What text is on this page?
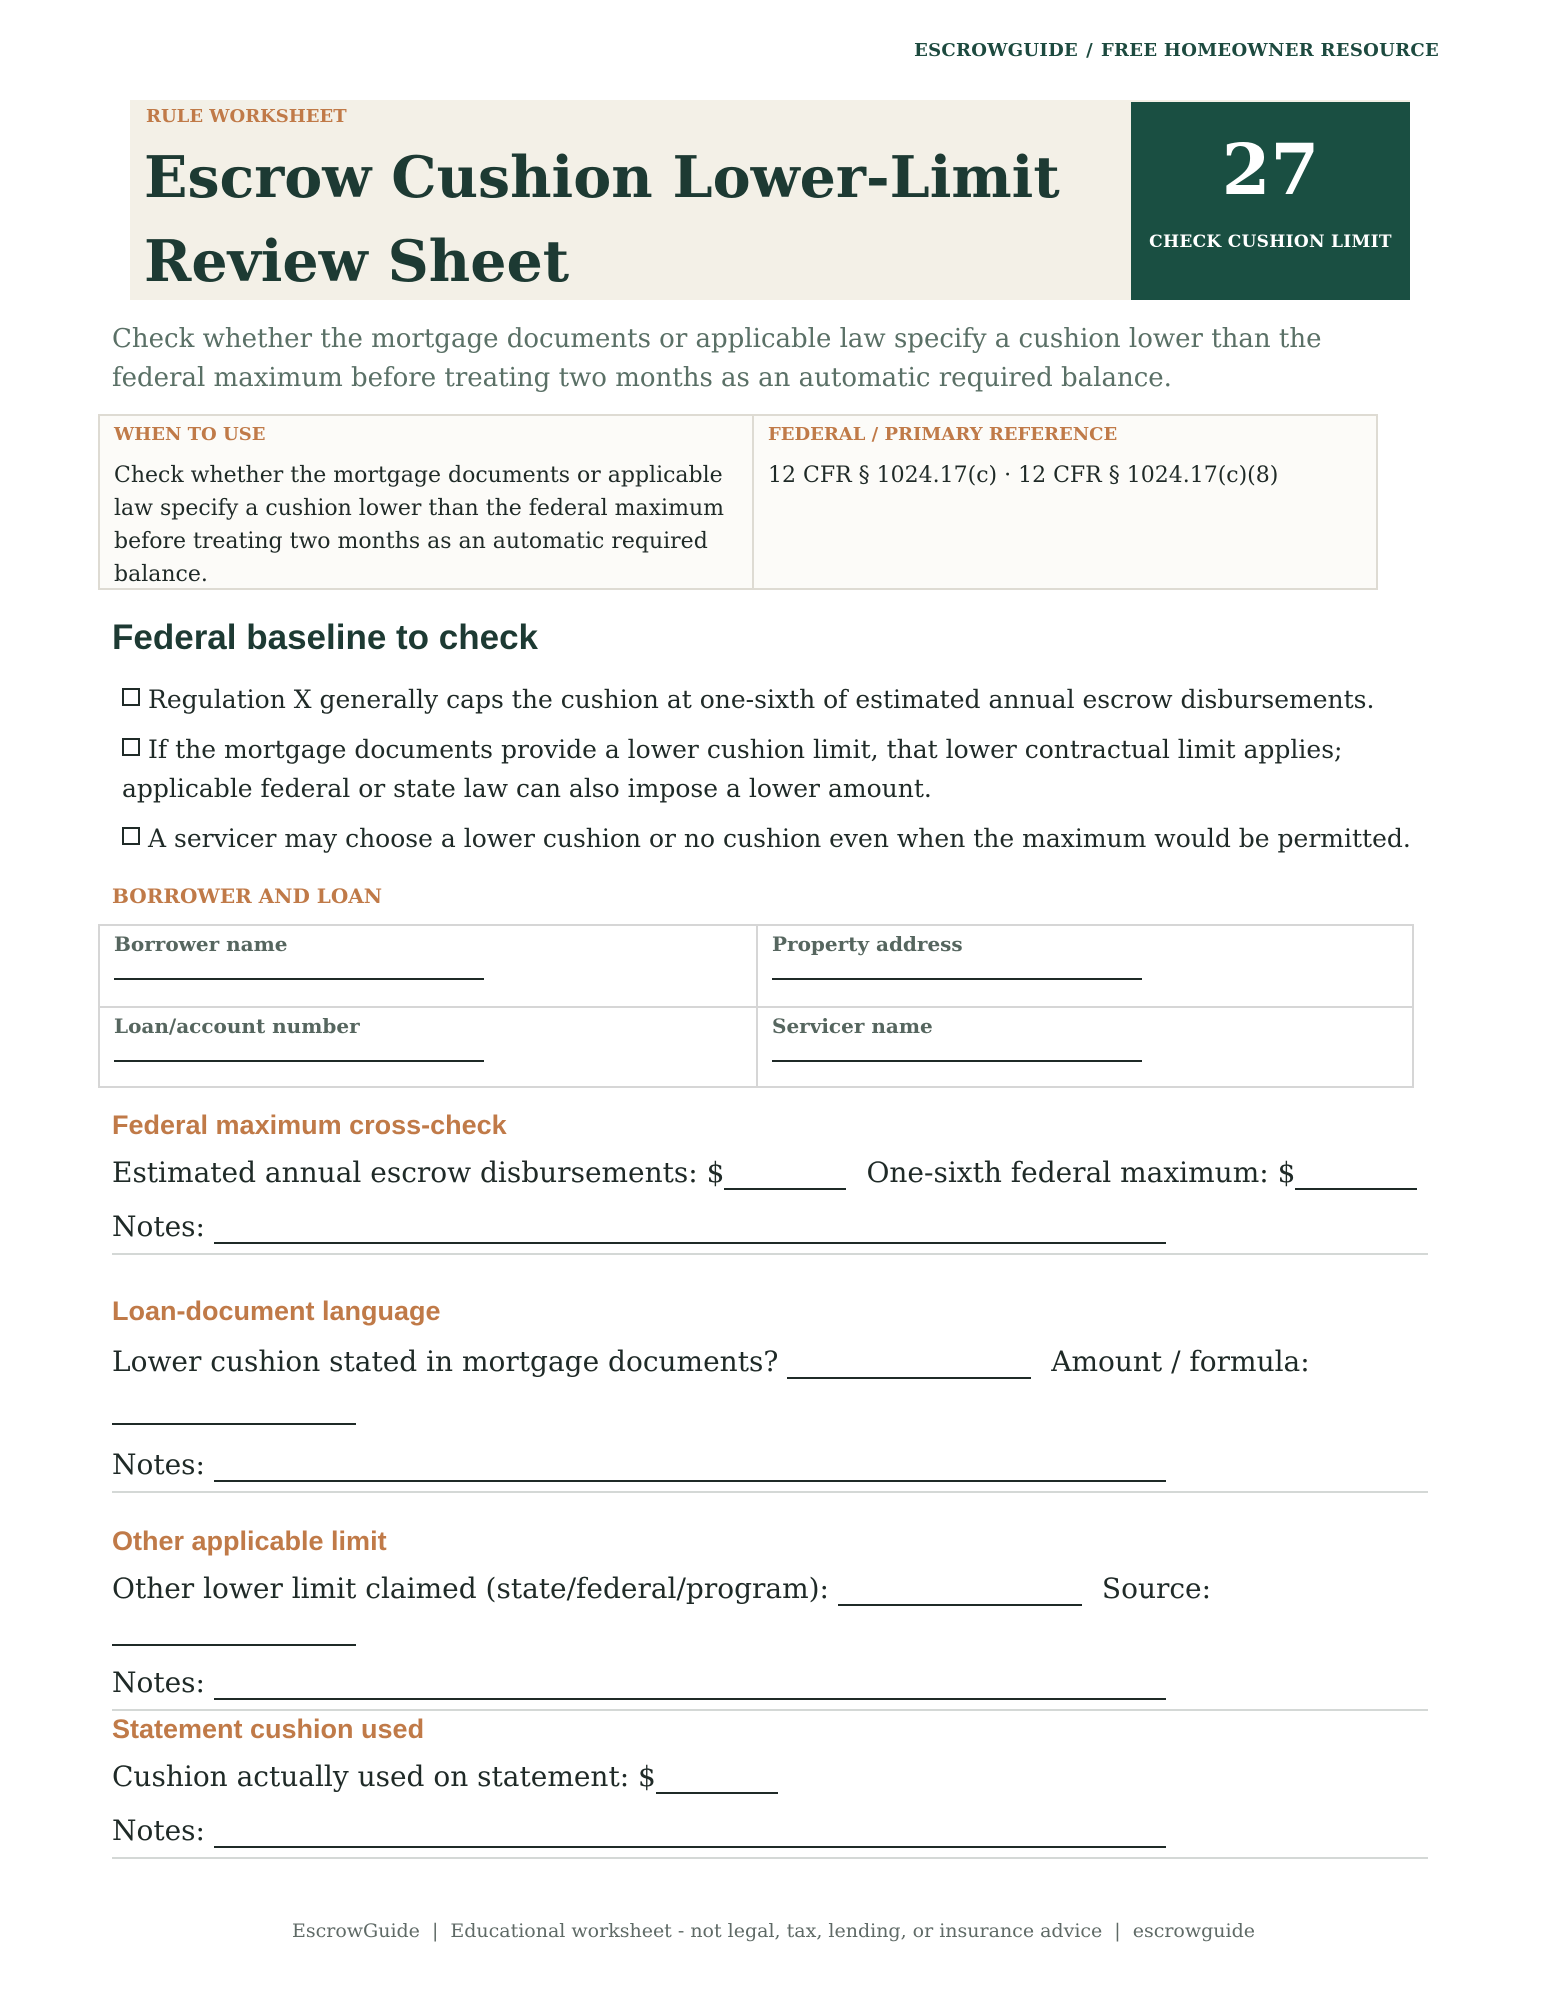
ESCROWGUIDE / FREE HOMEOWNER RESOURCE
RULE WORKSHEET
Escrow Cushion Lower-Limit Review Sheet
27
CHECK CUSHION LIMIT
Check whether the mortgage documents or applicable law specify a cushion lower than the federal maximum before treating two months as an automatic required balance.
WHEN TO USE
Check whether the mortgage documents or applicable law specify a cushion lower than the federal maximum before treating two months as an automatic required balance.
FEDERAL / PRIMARY REFERENCE
12 CFR § 1024.17(c) · 12 CFR § 1024.17(c)(8)
Federal baseline to check
Regulation X generally caps the cushion at one-sixth of estimated annual escrow disbursements.
If the mortgage documents provide a lower cushion limit, that lower contractual limit applies; applicable federal or state law can also impose a lower amount.
A servicer may choose a lower cushion or no cushion even when the maximum would be permitted.
BORROWER AND LOAN
Borrower name	Property address
Loan/account number	Servicer name
Federal maximum cross-check
Estimated annual escrow disbursements: $	One-sixth federal maximum: $
Notes:
Loan-document language
Lower cushion stated in mortgage documents?	Amount / formula:

Notes:
Other applicable limit
Other lower limit claimed (state/federal/program):	Source:
Notes:
Statement cushion used
Cushion actually used on statement: $
Notes:
EscrowGuide | Educational worksheet - not legal, tax, lending, or insurance advice | escrowguide
